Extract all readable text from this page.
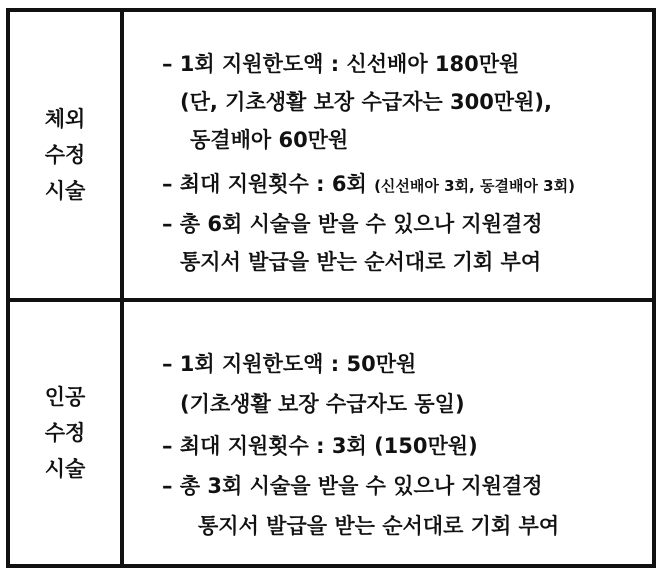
체외
수정
시술
– 1회 지원한도액 : 신선배아 180만원
(단, 기초생활 보장 수급자는 300만원),
동결배아 60만원
– 최대 지원횟수 : 6회 (신선배아 3회, 동결배아 3회)
– 총 6회 시술을 받을 수 있으나 지원결정
통지서 발급을 받는 순서대로 기회 부여
인공
수정
시술
– 1회 지원한도액 : 50만원
(기초생활 보장 수급자도 동일)
– 최대 지원횟수 : 3회 (150만원)
– 총 3회 시술을 받을 수 있으나 지원결정
통지서 발급을 받는 순서대로 기회 부여
